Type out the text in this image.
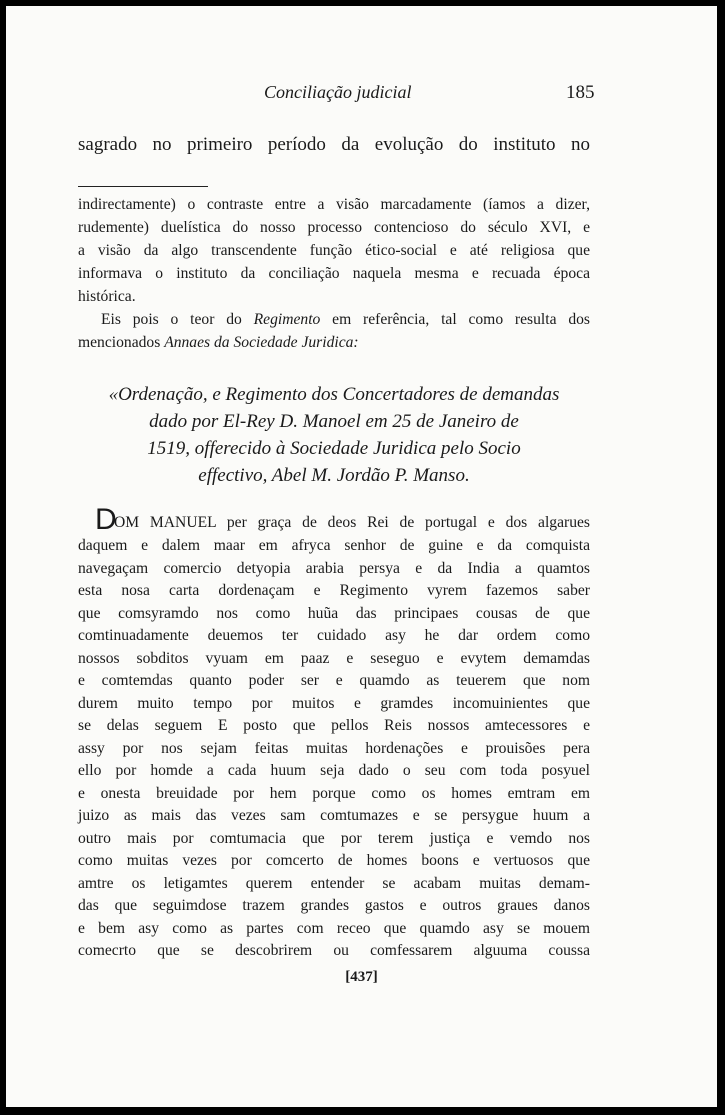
Conciliação judicial	185
sagrado no primeiro período da evolução do instituto no
indirectamente) o contraste entre a visão marcadamente (íamos a dizer,
rudemente) duelística do nosso processo contencioso do século XVI, e
a visão da algo transcendente função ético-social e até religiosa que
informava o instituto da conciliação naquela mesma e recuada época
histórica.
Eis pois o teor do Regimento em referência, tal como resulta dos
mencionados Annaes da Sociedade Juridica:
«Ordenação, e Regimento dos Concertadores de demandas
dado por El-Rey D. Manoel em 25 de Janeiro de
1519, offerecido à Sociedade Juridica pelo Socio
effectivo, Abel M. Jordão P. Manso.
D
OM MANUEL per graça de deos Rei de portugal e dos algarues
daquem e dalem maar em afryca senhor de guine e da comquista
navegaçam comercio detyopia arabia persya e da India a quamtos
esta nosa carta dordenaçam e Regimento vyrem fazemos saber
que comsyramdo nos como huũa das principaes cousas de que
comtinuadamente deuemos ter cuidado asy he dar ordem como
nossos sobditos vyuam em paaz e seseguo e evytem demamdas
e comtemdas quanto poder ser e quamdo as teuerem que nom
durem muito tempo por muitos e gramdes incomuinientes que
se delas seguem E posto que pellos Reis nossos amtecessores e
assy por nos sejam feitas muitas hordenações e prouisões pera
ello por homde a cada huum seja dado o seu com toda posyuel
e onesta breuidade por hem porque como os homes emtram em
juizo as mais das vezes sam comtumazes e se persygue huum a
outro mais por comtumacia que por terem justiça e vemdo nos
como muitas vezes por comcerto de homes boons e vertuosos que
amtre os letigamtes querem entender se acabam muitas demam-
das que seguimdose trazem grandes gastos e outros graues danos
e bem asy como as partes com receo que quamdo asy se mouem
comecrto que se descobrirem ou comfessarem alguuma coussa
[437]
